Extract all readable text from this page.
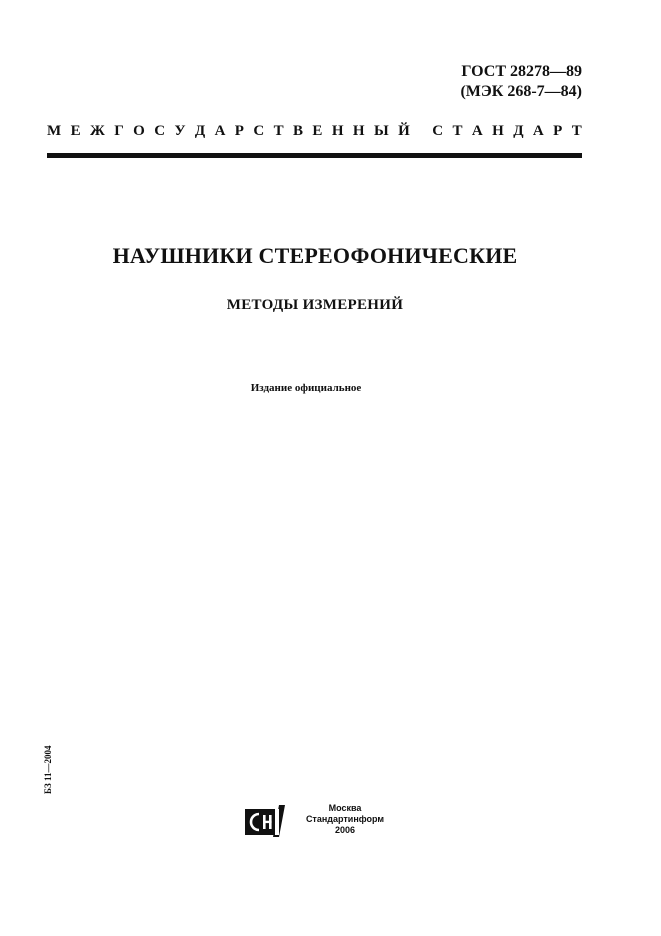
ГОСТ 28278—89
(МЭК 268-7—84)
М Е Ж Г О С У Д А Р С Т В Е Н Н Ы Й
С Т А Н Д А Р Т
НАУШНИКИ СТЕРЕОФОНИЧЕСКИЕ
МЕТОДЫ ИЗМЕРЕНИЙ
Издание официальное
БЗ 11—2004
Москва
Стандартинформ
2006
